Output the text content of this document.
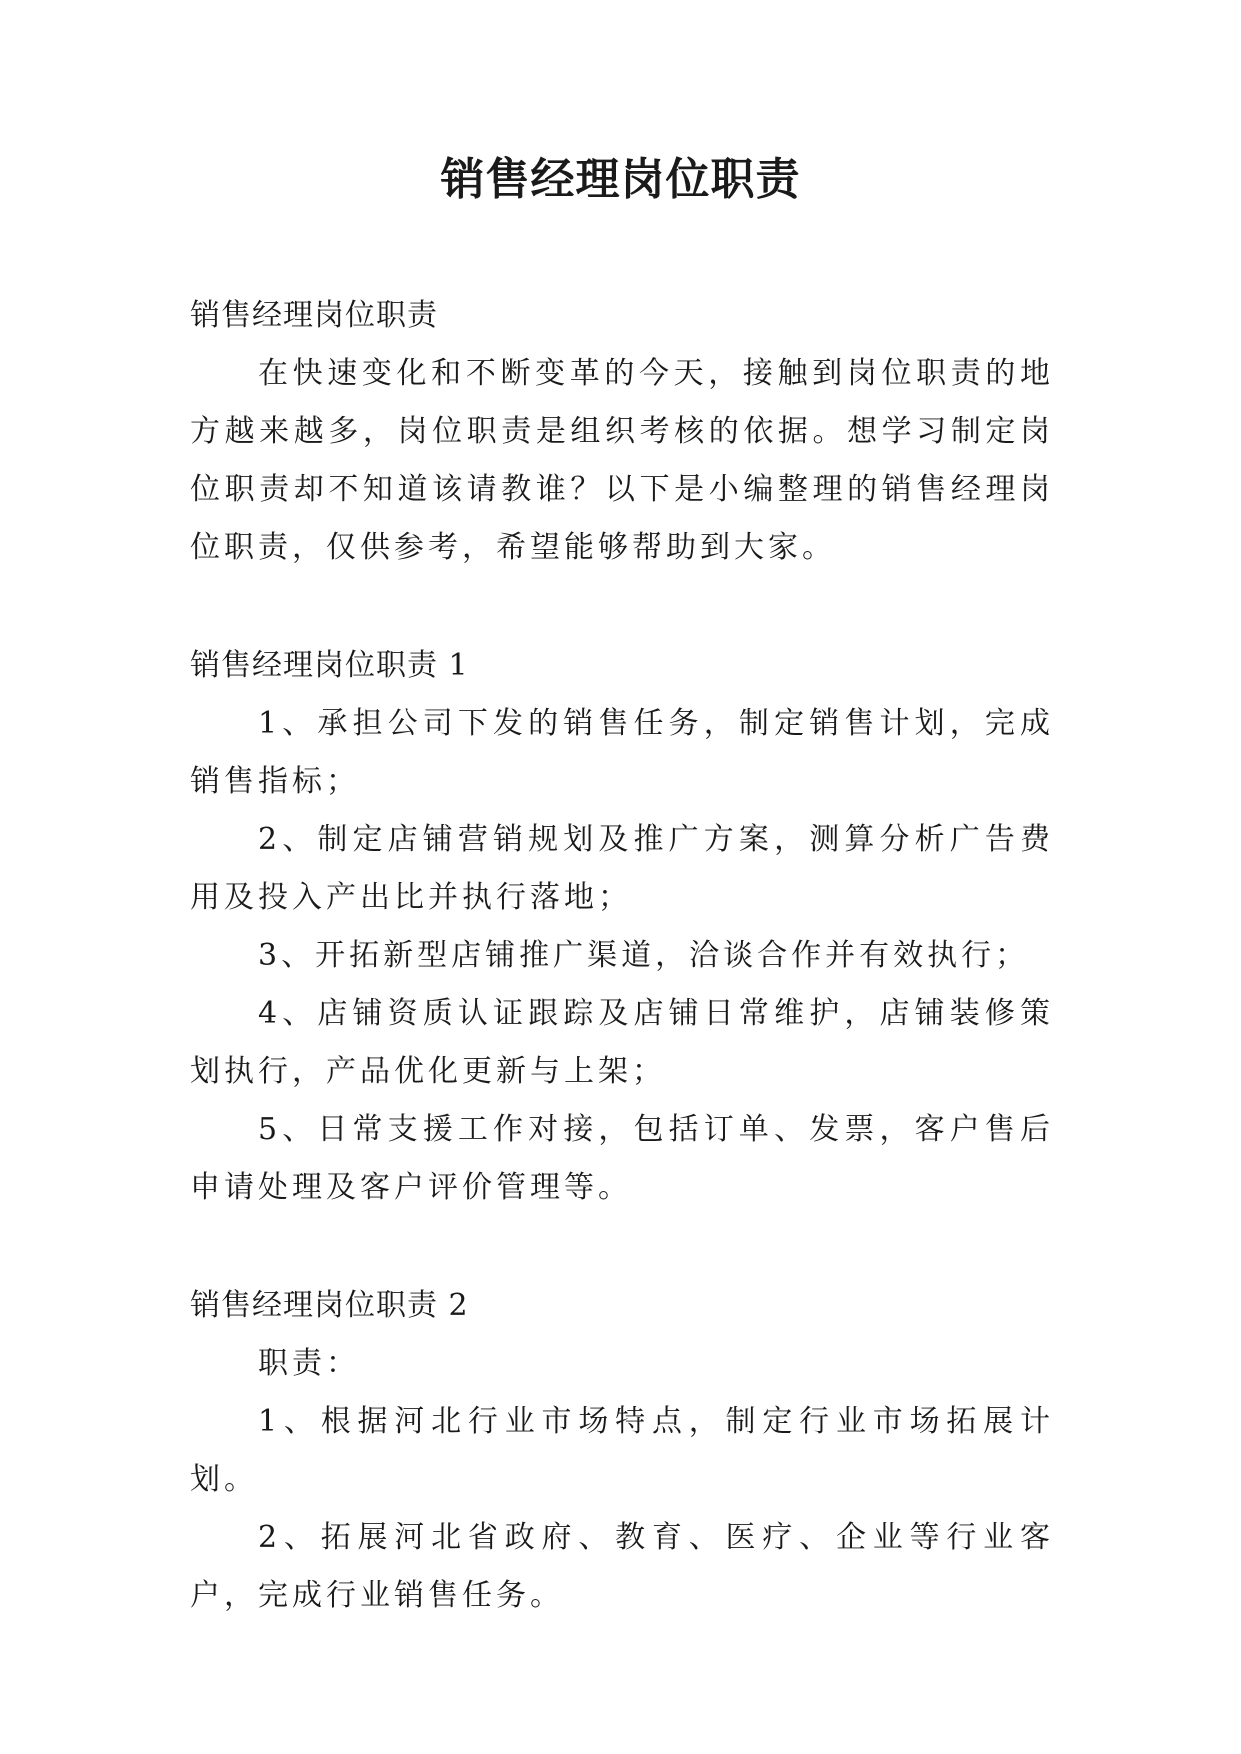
销售经理岗位职责

销售经理岗位职责

在快速变化和不断变革的今天，接触到岗位职责的地方越来越多，岗位职责是组织考核的依据。想学习制定岗位职责却不知道该请教谁？以下是小编整理的销售经理岗位职责，仅供参考，希望能够帮助到大家。

销售经理岗位职责 1

1、承担公司下发的销售任务，制定销售计划，完成销售指标；

2、制定店铺营销规划及推广方案，测算分析广告费用及投入产出比并执行落地；

3、开拓新型店铺推广渠道，洽谈合作并有效执行；

4、店铺资质认证跟踪及店铺日常维护，店铺装修策划执行，产品优化更新与上架；

5、日常支援工作对接，包括订单、发票，客户售后申请处理及客户评价管理等。

销售经理岗位职责 2

职责：

1、根据河北行业市场特点，制定行业市场拓展计划。

2、拓展河北省政府、教育、医疗、企业等行业客户，完成行业销售任务。
